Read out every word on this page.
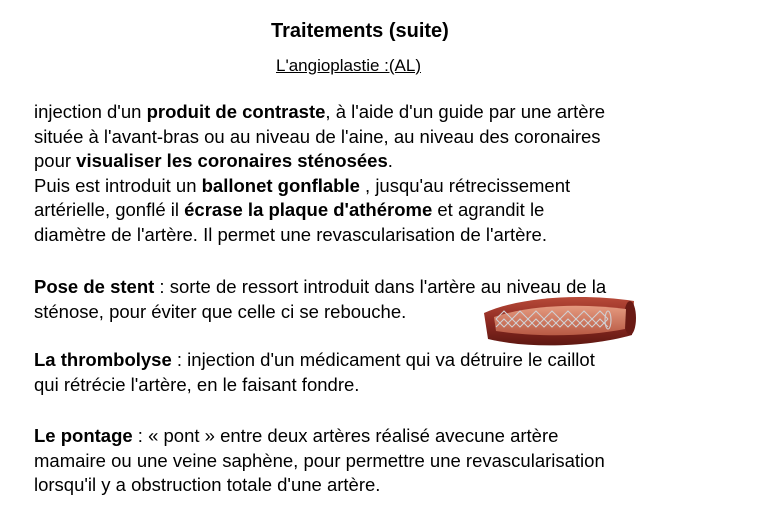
Traitements (suite)
L'angioplastie :(AL)
injection d'un produit de contraste, à l'aide d'un guide par une artère
située à l'avant-bras ou au niveau de l'aine, au niveau des coronaires
pour visualiser les coronaires sténosées.
Puis est introduit un ballonet gonflable , jusqu'au rétrecissement
artérielle, gonflé il écrase la plaque d'athérome et agrandit le
diamètre de l'artère. Il permet une revascularisation de l'artère.
Pose de stent : sorte de ressort introduit dans l'artère au niveau de la
sténose, pour éviter que celle ci se rebouche.
La thrombolyse : injection d'un médicament qui va détruire le caillot
qui rétrécie l'artère, en le faisant fondre.
Le pontage : « pont » entre deux artères réalisé avecune artère
mamaire ou une veine saphène, pour permettre une revascularisation
lorsqu'il y a obstruction totale d'une artère.
